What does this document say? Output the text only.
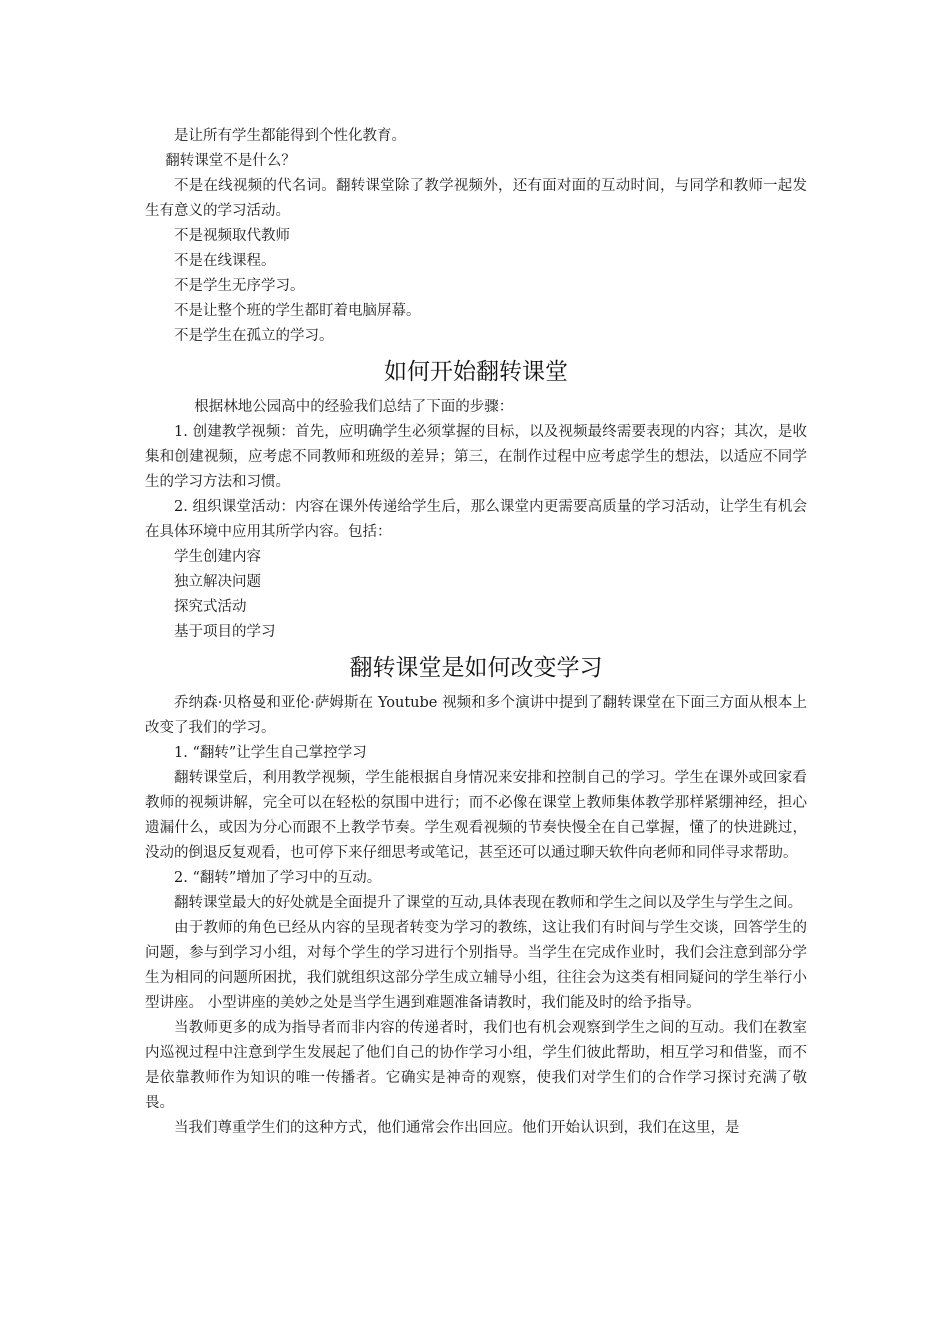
是让所有学生都能得到个性化教育。

翻转课堂不是什么？

不是在线视频的代名词。翻转课堂除了教学视频外，还有面对面的互动时间，与同学和教师一起发生有意义的学习活动。

不是视频取代教师

不是在线课程。

不是学生无序学习。

不是让整个班的学生都盯着电脑屏幕。

不是学生在孤立的学习。

如何开始翻转课堂

根据林地公园高中的经验我们总结了下面的步骤：

1. 创建教学视频：首先，应明确学生必须掌握的目标，以及视频最终需要表现的内容；其次，是收集和创建视频，应考虑不同教师和班级的差异；第三，在制作过程中应考虑学生的想法，以适应不同学生的学习方法和习惯。

2. 组织课堂活动：内容在课外传递给学生后，那么课堂内更需要高质量的学习活动，让学生有机会在具体环境中应用其所学内容。包括：

学生创建内容

独立解决问题

探究式活动

基于项目的学习

翻转课堂是如何改变学习

乔纳森·贝格曼和亚伦·萨姆斯在 Youtube 视频和多个演讲中提到了翻转课堂在下面三方面从根本上改变了我们的学习。

1. “翻转”让学生自己掌控学习

翻转课堂后，利用教学视频，学生能根据自身情况来安排和控制自己的学习。学生在课外或回家看教师的视频讲解，完全可以在轻松的氛围中进行；而不必像在课堂上教师集体教学那样紧绷神经，担心遗漏什么，或因为分心而跟不上教学节奏。学生观看视频的节奏快慢全在自己掌握，懂了的快进跳过，没动的倒退反复观看，也可停下来仔细思考或笔记，甚至还可以通过聊天软件向老师和同伴寻求帮助。

2. “翻转”增加了学习中的互动。

翻转课堂最大的好处就是全面提升了课堂的互动,具体表现在教师和学生之间以及学生与学生之间。

由于教师的角色已经从内容的呈现者转变为学习的教练，这让我们有时间与学生交谈，回答学生的问题，参与到学习小组，对每个学生的学习进行个别指导。当学生在完成作业时，我们会注意到部分学生为相同的问题所困扰，我们就组织这部分学生成立辅导小组，往往会为这类有相同疑问的学生举行小型讲座。 小型讲座的美妙之处是当学生遇到难题准备请教时，我们能及时的给予指导。

当教师更多的成为指导者而非内容的传递者时，我们也有机会观察到学生之间的互动。我们在教室内巡视过程中注意到学生发展起了他们自己的协作学习小组，学生们彼此帮助，相互学习和借鉴，而不是依靠教师作为知识的唯一传播者。它确实是神奇的观察，使我们对学生们的合作学习探讨充满了敬畏。

当我们尊重学生们的这种方式，他们通常会作出回应。他们开始认识到，我们在这里，是
